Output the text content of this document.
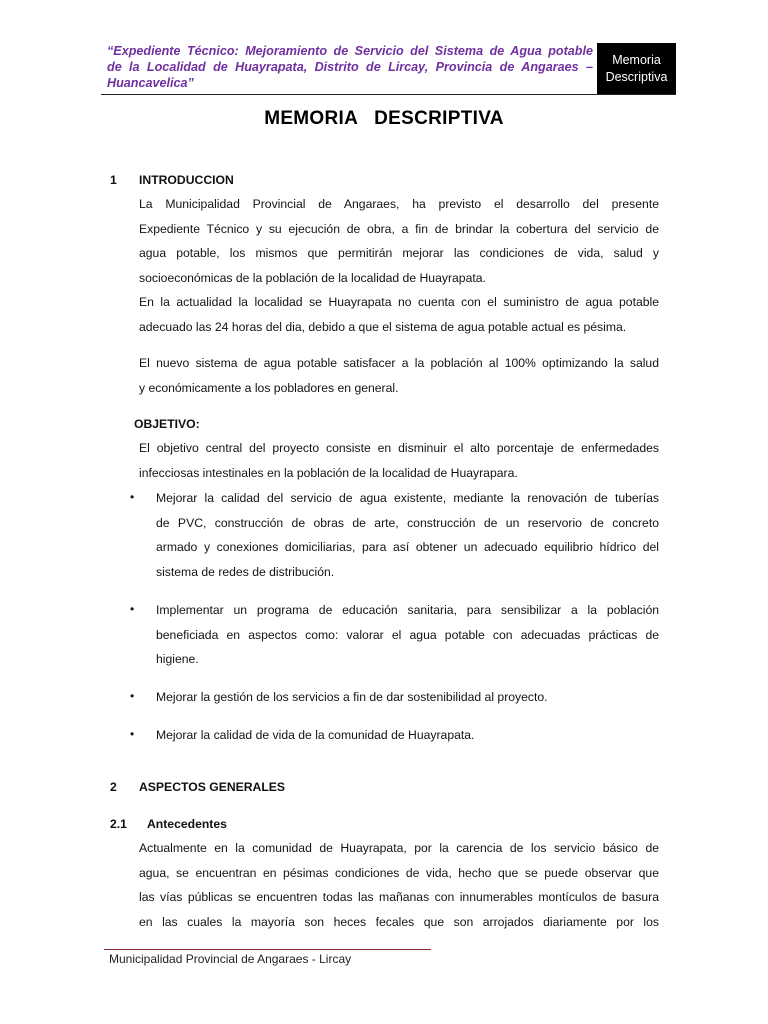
“Expediente Técnico: Mejoramiento de Servicio del Sistema de Agua potable
de la Localidad de Huayrapata, Distrito de Lircay, Provincia de Angaraes –
Huancavelica”
Memoria
Descriptiva
MEMORIA   DESCRIPTIVA
1 INTRODUCCION
La Municipalidad Provincial de Angaraes, ha previsto el desarrollo del presente
Expediente Técnico y su ejecución de obra, a fin de brindar la cobertura del servicio de
agua potable, los mismos que permitirán mejorar las condiciones de vida, salud y
socioeconómicas de la población de la localidad de Huayrapata.
En la actualidad la localidad se Huayrapata no cuenta con el suministro de agua potable
adecuado las 24 horas del dia, debido a que el sistema de agua potable actual es pésima.
El nuevo sistema de agua potable satisfacer a la población al 100% optimizando la salud
y económicamente a los pobladores en general.
OBJETIVO:
El objetivo central del proyecto consiste en disminuir el alto porcentaje de enfermedades
infecciosas intestinales en la población de la localidad de Huayrapara.
• Mejorar la calidad del servicio de agua existente, mediante la renovación de tuberías
de PVC, construcción de obras de arte, construcción de un reservorio de concreto
armado y conexiones domiciliarias, para así obtener un adecuado equilibrio hídrico del
sistema de redes de distribución.
• Implementar un programa de educación sanitaria, para sensibilizar a la población
beneficiada en aspectos como: valorar el agua potable con adecuadas prácticas de
higiene.
• Mejorar la gestión de los servicios a fin de dar sostenibilidad al proyecto.
• Mejorar la calidad de vida de la comunidad de Huayrapata.
2 ASPECTOS GENERALES
2.1 Antecedentes
Actualmente en la comunidad de Huayrapata, por la carencia de los servicio básico de
agua, se encuentran en pésimas condiciones de vida, hecho que se puede observar que
las vías públicas se encuentren todas las mañanas con innumerables montículos de basura
en las cuales la mayoría son heces fecales que son arrojados diariamente por los
Municipalidad Provincial de Angaraes - Lircay
